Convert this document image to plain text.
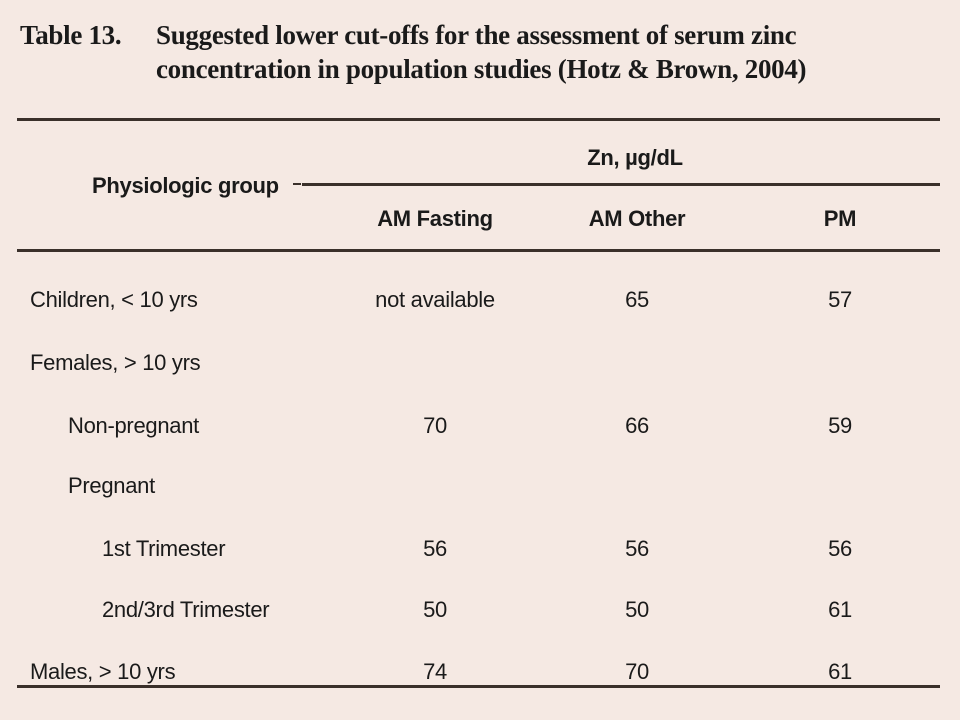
Table 13.	Suggested lower cut-offs for the assessment of serum zinc concentration in population studies (Hotz & Brown, 2004)
Physiologic group
Zn, µg/dL
AM Fasting	AM Other	PM
Children, < 10 yrs	not available	65	57
Females, > 10 yrs
Non-pregnant	70	66	59
Pregnant
1st Trimester	56	56	56
2nd/3rd Trimester	50	50	61
Males, > 10 yrs	74	70	61
